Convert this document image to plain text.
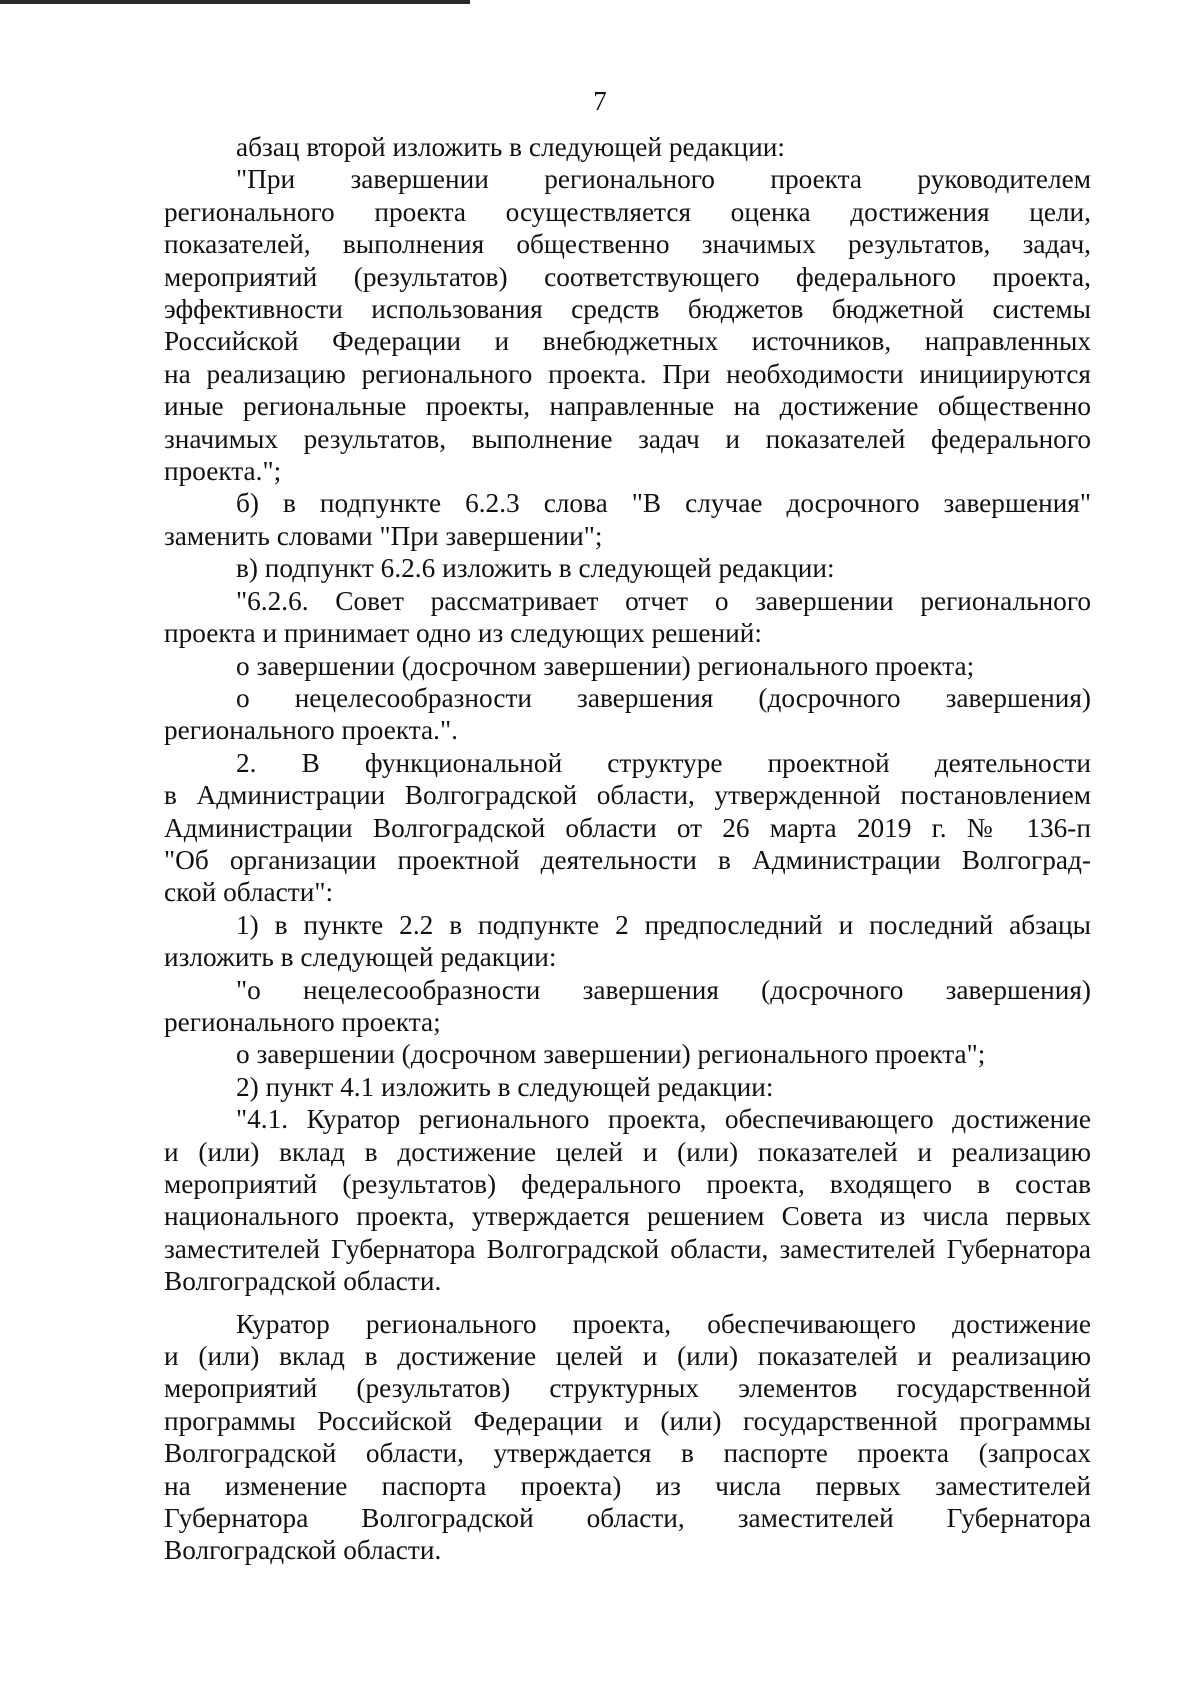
7
абзац второй изложить в следующей редакции:
"При завершении регионального проекта руководителем
регионального проекта осуществляется оценка достижения цели,
показателей, выполнения общественно значимых результатов, задач,
мероприятий (результатов) соответствующего федерального проекта,
эффективности использования средств бюджетов бюджетной системы
Российской Федерации и внебюджетных источников, направленных
на реализацию регионального проекта. При необходимости инициируются
иные региональные проекты, направленные на достижение общественно
значимых результатов, выполнение задач и показателей федерального
проекта.";
б) в подпункте 6.2.3 слова "В случае досрочного завершения"
заменить словами "При завершении";
в) подпункт 6.2.6 изложить в следующей редакции:
"6.2.6. Совет рассматривает отчет о завершении регионального
проекта и принимает одно из следующих решений:
о завершении (досрочном завершении) регионального проекта;
о нецелесообразности завершения (досрочного завершения)
регионального проекта.".
2. В функциональной структуре проектной деятельности
в Администрации Волгоградской области, утвержденной постановлением
Администрации Волгоградской области от 26 марта 2019 г. № 136-п
"Об организации проектной деятельности в Администрации Волгоград-
ской области":
1) в пункте 2.2 в подпункте 2 предпоследний и последний абзацы
изложить в следующей редакции:
"о нецелесообразности завершения (досрочного завершения)
регионального проекта;
о завершении (досрочном завершении) регионального проекта";
2) пункт 4.1 изложить в следующей редакции:
"4.1. Куратор регионального проекта, обеспечивающего достижение
и (или) вклад в достижение целей и (или) показателей и реализацию
мероприятий (результатов) федерального проекта, входящего в состав
национального проекта, утверждается решением Совета из числа первых
заместителей Губернатора Волгоградской области, заместителей Губернатора
Волгоградской области.
Куратор регионального проекта, обеспечивающего достижение
и (или) вклад в достижение целей и (или) показателей и реализацию
мероприятий (результатов) структурных элементов государственной
программы Российской Федерации и (или) государственной программы
Волгоградской области, утверждается в паспорте проекта (запросах
на изменение паспорта проекта) из числа первых заместителей
Губернатора Волгоградской области, заместителей Губернатора
Волгоградской области.
